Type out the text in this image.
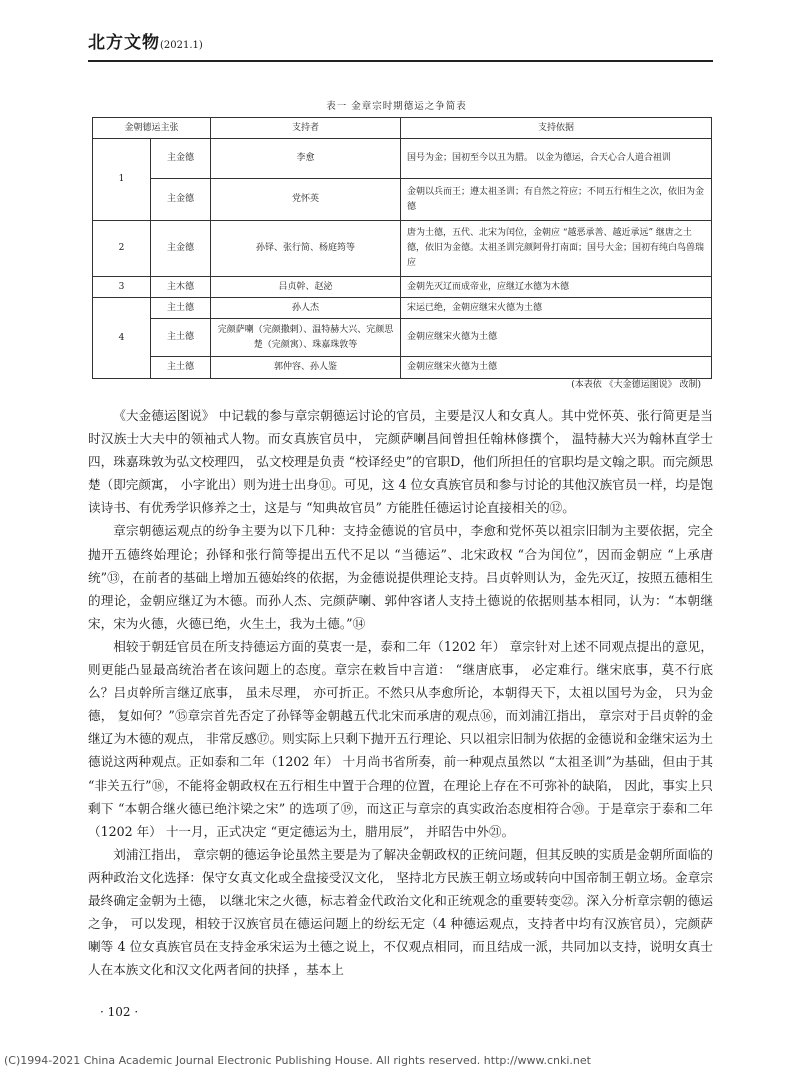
北方文物(2021.1)
表一 金章宗时期德运之争简表
金朝德运主张		支持者	支持依据
1	主金德	李愈	国号为金；国初至今以丑为腊。 以金为德运，合天心合人道合祖训
	主金德	党怀英	金朝以兵而王；遵太祖圣训；有自然之符应；不同五行相生之次，依旧为金德
2	主金德	孙铎、张行简、杨庭筠等	唐为土德，五代、北宋为闰位，金朝应 “越恶承善、越近承远” 继唐之土德，依旧为金德。太祖圣训完颜阿骨打南面；国号大金；国初有纯白鸟兽瑞应
3	主木德	吕贞幹、赵泌	金朝先灭辽而成帝业，应继辽水德为木德
4	主土德	孙人杰	宋运已绝，金朝应继宋火德为土德
	主土德	完颜萨喇（完颜撒剌）、温特赫大兴、完颜思楚（完颜寓）、珠嘉珠敦等	金朝应继宋火德为土德
	主土德	郭仲容、孙人鉴	金朝应继宋火德为土德
(本表依 《大金德运图说》 改制)

《大金德运图说》 中记载的参与章宗朝德运讨论的官员，主要是汉人和女真人。其中党怀英、张行简更是当时汉族士大夫中的领袖式人物。而女真族官员中， 完颜萨喇昌间曾担任翰林修撰个， 温特赫大兴为翰林直学士四，珠嘉珠敦为弘文校理四， 弘文校理是负责 “校译经史”的官职D，他们所担任的官职均是文翰之职。而完颜思楚（即完颜寓， 小字讹出）则为进士出身⑪。可见，这 4 位女真族官员和参与讨论的其他汉族官员一样，均是饱读诗书、有优秀学识修养之士，这是与 “知典故官员” 方能胜任德运讨论直接相关的⑫。

章宗朝德运观点的纷争主要为以下几种：支持金德说的官员中，李愈和党怀英以祖宗旧制为主要依据，完全抛开五德终始理论；孙铎和张行简等提出五代不足以 “当德运”、北宋政权 “合为闰位”，因而金朝应 “上承唐统”⑬，在前者的基础上增加五德始终的依据，为金德说提供理论支持。吕贞幹则认为，金先灭辽，按照五德相生的理论，金朝应继辽为木德。而孙人杰、完颜萨喇、郭仲容诸人支持土德说的依据则基本相同，认为：“本朝继宋，宋为火德，火德已绝，火生土，我为土德。”⑭

相较于朝廷官员在所支持德运方面的莫衷一是，泰和二年（1202 年） 章宗针对上述不同观点提出的意见，则更能凸显最高统治者在该问题上的态度。章宗在敕旨中言道： “继唐底事， 必定难行。继宋底事，莫不行底么？吕贞幹所言继辽底事， 虽未尽理， 亦可折正。不然只从李愈所论，本朝得天下，太祖以国号为金， 只为金德， 复如何？”⑮章宗首先否定了孙铎等金朝越五代北宋而承唐的观点⑯，而刘浦江指出， 章宗对于吕贞幹的金继辽为木德的观点， 非常反感⑰。则实际上只剩下抛开五行理论、只以祖宗旧制为依据的金德说和金继宋运为土德说这两种观点。正如泰和二年（1202 年） 十月尚书省所奏，前一种观点虽然以 “太祖圣训”为基础，但由于其 “非关五行”⑱，不能将金朝政权在五行相生中置于合理的位置，在理论上存在不可弥补的缺陷， 因此，事实上只剩下 “本朝合继火德已绝汴梁之宋” 的选项了⑲，而这正与章宗的真实政治态度相符合⑳。于是章宗于泰和二年（1202 年） 十一月，正式决定 “更定德运为土，腊用辰”， 并昭告中外㉑。

刘浦江指出， 章宗朝的德运争论虽然主要是为了解决金朝政权的正统问题，但其反映的实质是金朝所面临的两种政治文化选择：保守女真文化或全盘接受汉文化， 坚持北方民族王朝立场或转向中国帝制王朝立场。金章宗最终确定金朝为土德， 以继北宋之火德，标志着金代政治文化和正统观念的重要转变㉒。深入分析章宗朝的德运之争， 可以发现，相较于汉族官员在德运问题上的纷纭无定（4 种德运观点，支持者中均有汉族官员），完颜萨喇等 4 位女真族官员在支持金承宋运为土德之说上，不仅观点相同，而且结成一派，共同加以支持，说明女真士人在本族文化和汉文化两者间的抉择 ，基本上

· 102 ·
(C)1994-2021 China Academic Journal Electronic Publishing House. All rights reserved. http://www.cnki.net
